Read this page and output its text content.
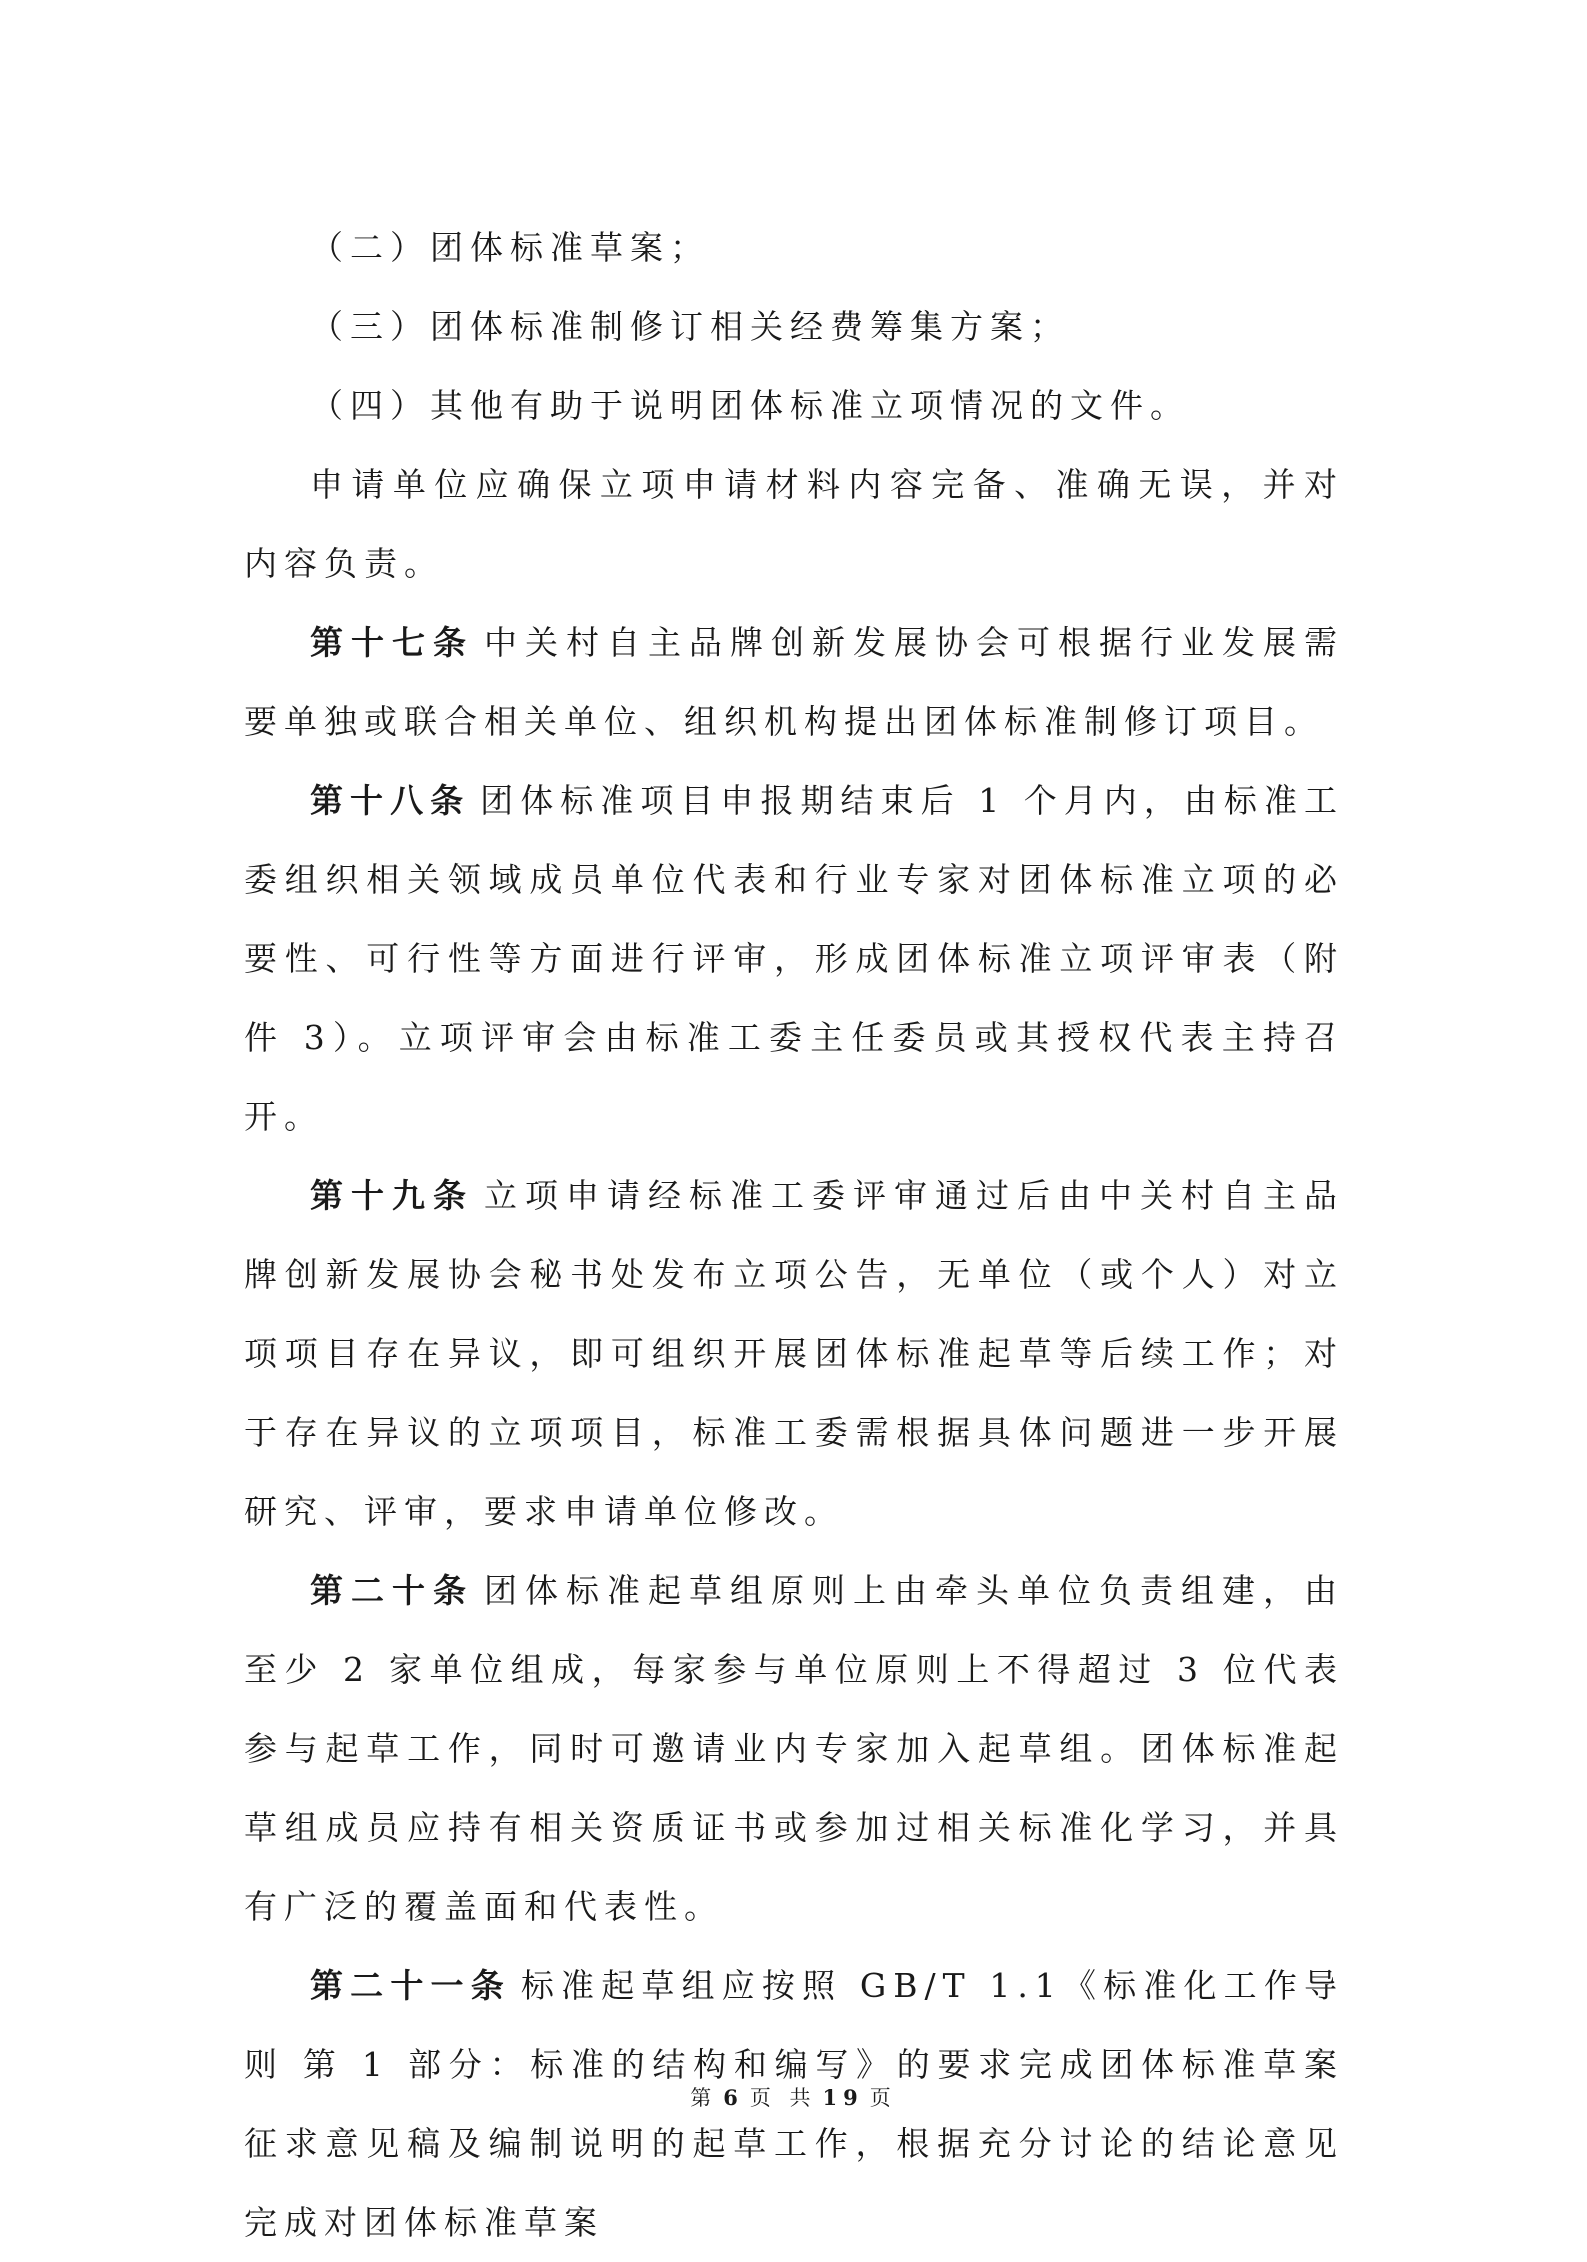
（二）团体标准草案；

（三）团体标准制修订相关经费筹集方案；

（四）其他有助于说明团体标准立项情况的文件。

申请单位应确保立项申请材料内容完备、准确无误，并对内容负责。

第十七条 中关村自主品牌创新发展协会可根据行业发展需要单独或联合相关单位、组织机构提出团体标准制修订项目。

第十八条 团体标准项目申报期结束后 1 个月内，由标准工委组织相关领域成员单位代表和行业专家对团体标准立项的必要性、可行性等方面进行评审，形成团体标准立项评审表（附件 3）。立项评审会由标准工委主任委员或其授权代表主持召开。

第十九条 立项申请经标准工委评审通过后由中关村自主品牌创新发展协会秘书处发布立项公告，无单位（或个人）对立项项目存在异议，即可组织开展团体标准起草等后续工作；对于存在异议的立项项目，标准工委需根据具体问题进一步开展研究、评审，要求申请单位修改。

第二十条 团体标准起草组原则上由牵头单位负责组建，由至少 2 家单位组成，每家参与单位原则上不得超过 3 位代表参与起草工作，同时可邀请业内专家加入起草组。团体标准起草组成员应持有相关资质证书或参加过相关标准化学习，并具有广泛的覆盖面和代表性。

第二十一条 标准起草组应按照 GB/T 1.1《标准化工作导则 第 1 部分：标准的结构和编写》的要求完成团体标准草案征求意见稿及编制说明的起草工作，根据充分讨论的结论意见完成对团体标准草案

第 6 页 共 19 页
